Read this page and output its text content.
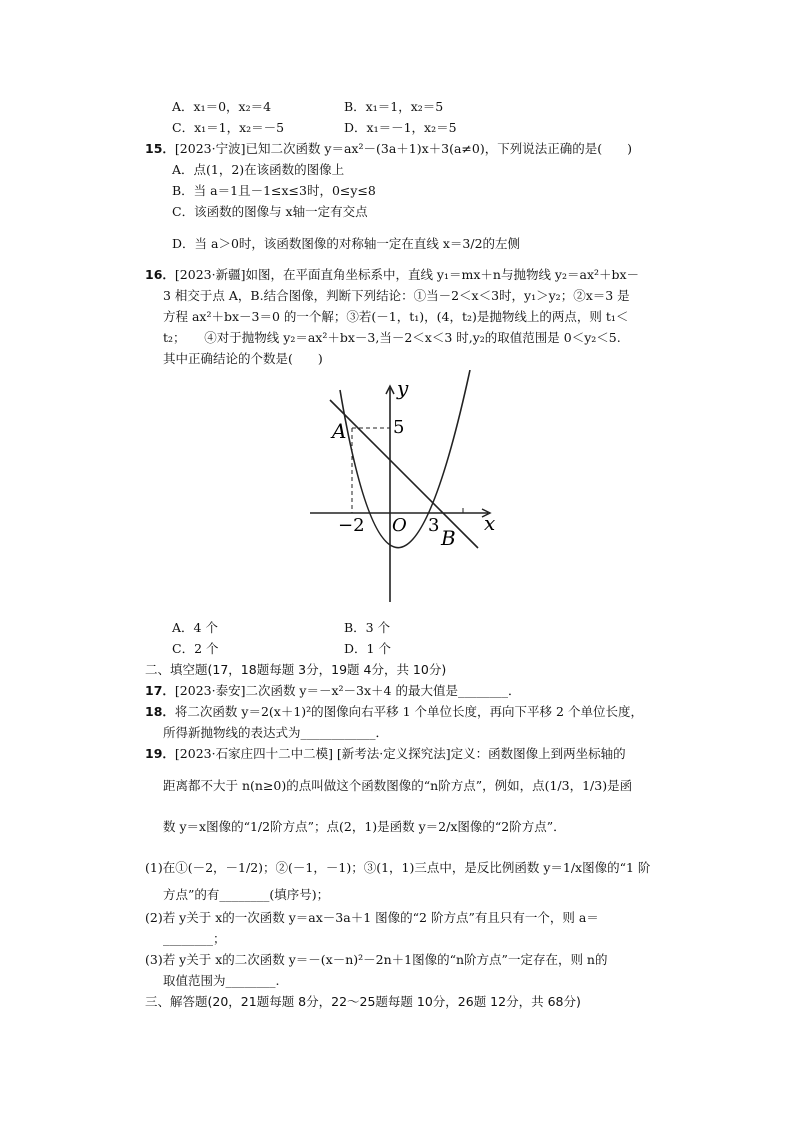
A．x₁＝0，x₂＝4	B．x₁＝1，x₂＝5
C．x₁＝1，x₂＝－5	D．x₁＝－1，x₂＝5
15．[2023·宁波]已知二次函数 y＝ax²－(3a＋1)x＋3(a≠0)，下列说法正确的是(　　)
A．点(1，2)在该函数的图像上
B．当 a＝1且－1≤x≤3时，0≤y≤8
C．该函数的图像与 x轴一定有交点
D．当 a＞0时，该函数图像的对称轴一定在直线 x＝3/2的左侧
16．[2023·新疆]如图，在平面直角坐标系中，直线 y₁＝mx＋n与抛物线 y₂＝ax²＋bx－
3 相交于点 A，B.结合图像，判断下列结论：①当－2＜x＜3时，y₁＞y₂；②x＝3 是
方程 ax²＋bx－3＝0 的一个解；③若(－1，t₁)，(4，t₂)是抛物线上的两点，则 t₁＜
t₂；　　④对于抛物线 y₂＝ax²＋bx－3,当－2＜x＜3 时,y₂的取值范围是 0＜y₂＜5.
其中正确结论的个数是(　　)
y
x
5
A
−2 O 3
B
A．4 个	B．3 个
C．2 个	D．1 个
二、填空题(17，18题每题 3分，19题 4分，共 10分)
17．[2023·泰安]二次函数 y＝－x²－3x＋4 的最大值是________．
18．将二次函数 y＝2(x＋1)²的图像向右平移 1 个单位长度，再向下平移 2 个单位长度，
所得新抛物线的表达式为____________．
19．[2023·石家庄四十二中二模] [新考法·定义探究法]定义：函数图像上到两坐标轴的
距离都不大于 n(n≥0)的点叫做这个函数图像的“n阶方点”，例如，点(1/3，1/3)是函
数 y＝x图像的“1/2阶方点”；点(2，1)是函数 y＝2/x图像的“2阶方点”．
(1)在①(－2，－1/2)；②(－1，－1)；③(1，1)三点中，是反比例函数 y＝1/x图像的“1 阶
方点”的有________(填序号)；
(2)若 y关于 x的一次函数 y＝ax－3a＋1 图像的“2 阶方点”有且只有一个，则 a＝
________；
(3)若 y关于 x的二次函数 y＝－(x－n)²－2n＋1图像的“n阶方点”一定存在，则 n的
取值范围为________.
三、解答题(20，21题每题 8分，22～25题每题 10分，26题 12分，共 68分)
